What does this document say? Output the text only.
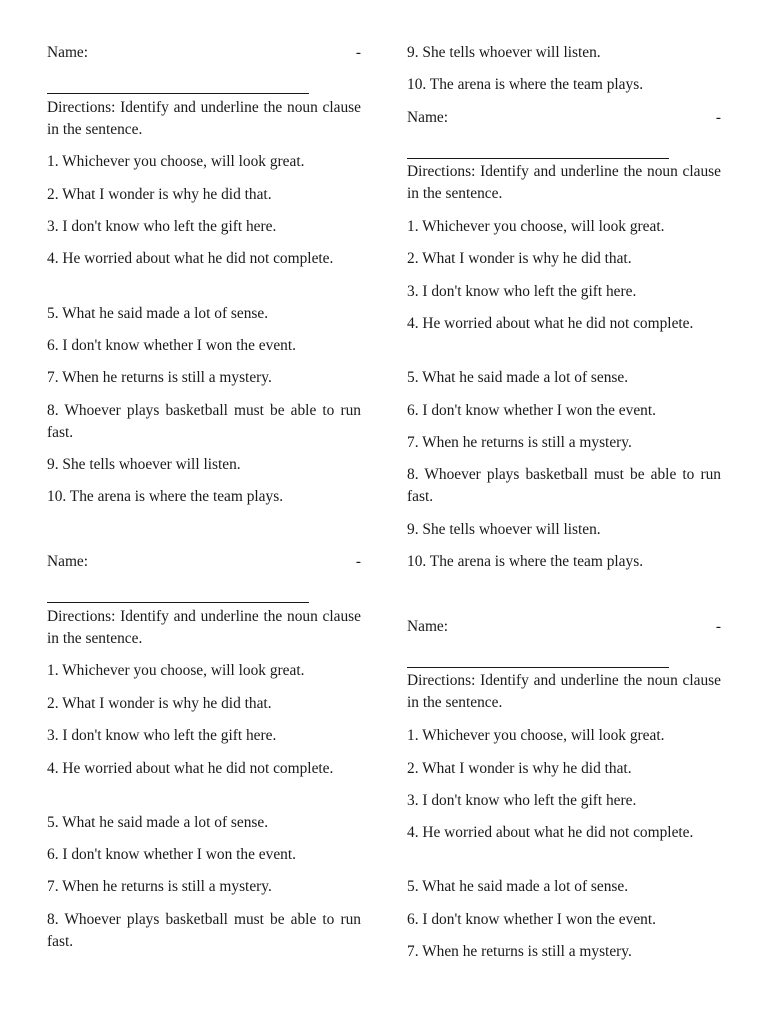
Name:	-

Directions: Identify and underline the noun clause in the sentence.

1. Whichever you choose, will look great.

2. What I wonder is why he did that.

3. I don't know who left the gift here.

4. He worried about what he did not complete.

5. What he said made a lot of sense.

6. I don't know whether I won the event.

7. When he returns is still a mystery.

8. Whoever plays basketball must be able to run fast.

9. She tells whoever will listen.

10. The arena is where the team plays.

Name:	-

Directions: Identify and underline the noun clause in the sentence.

1. Whichever you choose, will look great.

2. What I wonder is why he did that.

3. I don't know who left the gift here.

4. He worried about what he did not complete.

5. What he said made a lot of sense.

6. I don't know whether I won the event.

7. When he returns is still a mystery.

8. Whoever plays basketball must be able to run fast.

9. She tells whoever will listen.

10. The arena is where the team plays.

Name:	-

Directions: Identify and underline the noun clause in the sentence.

1. Whichever you choose, will look great.

2. What I wonder is why he did that.

3. I don't know who left the gift here.

4. He worried about what he did not complete.

5. What he said made a lot of sense.

6. I don't know whether I won the event.

7. When he returns is still a mystery.

8. Whoever plays basketball must be able to run fast.

9. She tells whoever will listen.

10. The arena is where the team plays.

Name:	-

Directions: Identify and underline the noun clause in the sentence.

1. Whichever you choose, will look great.

2. What I wonder is why he did that.

3. I don't know who left the gift here.

4. He worried about what he did not complete.

5. What he said made a lot of sense.

6. I don't know whether I won the event.

7. When he returns is still a mystery.
